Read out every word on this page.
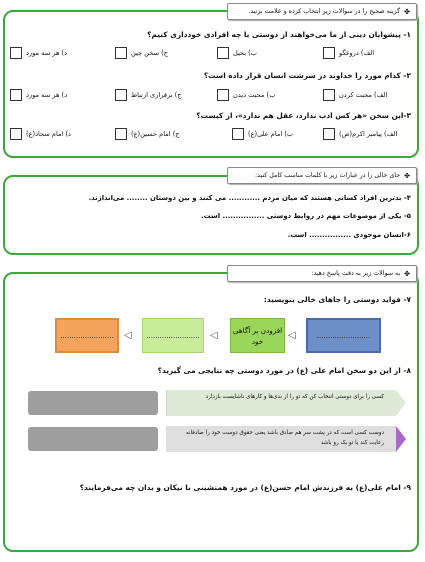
✤
گزینه صحیح را در سوالات زیر انتخاب کرده و علامت بزنید.
۱- پیشوایان دینی از ما می‌خواهند از دوستی با چه افرادی خودداری کنیم؟
د) هر سه مورد	ج) سخن چین	ب) بخیل	الف) دروغگو
۲- کدام مورد را خداوند در سرشت انسان قرار داده است؟
د) هر سه مورد	ج) برقراری ارتباط	ب) محبت دیدن	الف) محبت کردن
۳-این سخن «هر کس ادب ندارد، عقل هم ندارد»، از کیست؟
د) امام سجاد(ع)	ج) امام حسین(ع)	ب) امام علی(ع)	الف) پیامبر اکرم(ص)
✤
جای خالی را در عبارات زیر با کلمات مناسب کامل کنید:
۴- بدترین افراد کسانی هستند که میان مردم ............ می کنند و بین دوستان ........ می‌اندازند.
۵- یکی از موضوعات مهم در روابط دوستی ................ است.
۶-انسان موجودی ................ است.
✤
به سوالات زیر به دقت پاسخ دهید:
۷- فواید دوستی را جاهای خالی بنویسید:
........................
◁
افزودن بر آگاهی خود
◁
........................
◁
........................
۸- از این دو سخن امام علی (ع) در مورد دوستی چه نتایجی می گیرید؟
کسی را برای دوستی انتخاب کن که تو را از بدی‌ها و کارهای ناشایست بازدارد
دوست کسی است که در پشت سر هم صادق باشد یعنی حقوق دوست خود را صادقانه رعایت کند یا تو یک رو باشد
۹- امام علی(ع) به فرزندش امام حسن(ع) در مورد همنشینی با نیکان و بدان چه می‌فرمایند؟
